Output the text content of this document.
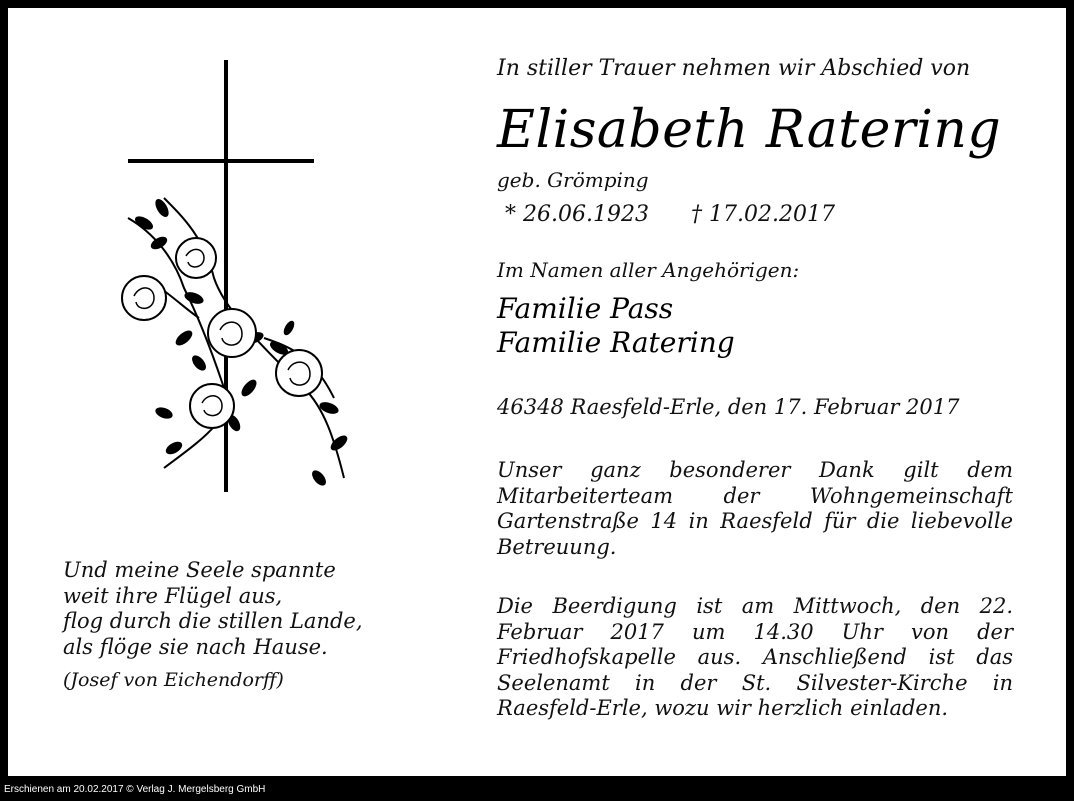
In stiller Trauer nehmen wir Abschied von
Elisabeth Ratering
geb. Grömping
* 26.06.1923 † 17.02.2017
Im Namen aller Angehörigen:
Familie Pass
Familie Ratering
46348 Raesfeld-Erle, den 17. Februar 2017

Unser ganz besonderer Dank gilt dem Mitarbeiterteam der Wohngemeinschaft Gartenstraße 14 in Raesfeld für die liebevolle Betreuung.

Die Beerdigung ist am Mittwoch, den 22. Februar 2017 um 14.30 Uhr von der Friedhofskapelle aus. Anschließend ist das Seelenamt in der St. Silvester-Kirche in Raesfeld-Erle, wozu wir herzlich einladen.

Und meine Seele spannte
weit ihre Flügel aus,
flog durch die stillen Lande,
als flöge sie nach Hause.
(Josef von Eichendorff)
Erschienen am 20.02.2017 © Verlag J. Mergelsberg GmbH
